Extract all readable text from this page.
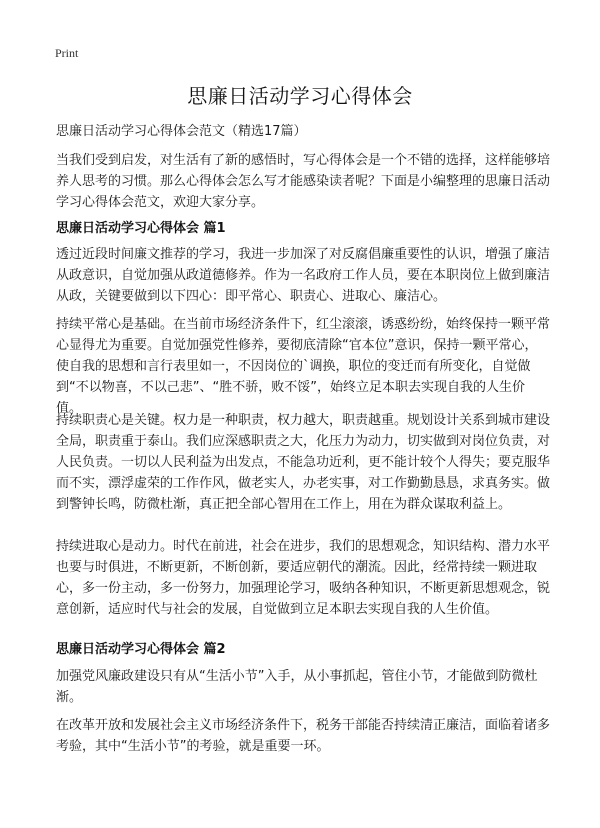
Print
思廉日活动学习心得体会
思廉日活动学习心得体会范文（精选17篇）

当我们受到启发，对生活有了新的感悟时，写心得体会是一个不错的选择，这样能够培养人思考的习惯。那么心得体会怎么写才能感染读者呢？下面是小编整理的思廉日活动学习心得体会范文，欢迎大家分享。

思廉日活动学习心得体会 篇1

透过近段时间廉文推荐的学习，我进一步加深了对反腐倡廉重要性的认识，增强了廉洁从政意识，自觉加强从政道德修养。作为一名政府工作人员，要在本职岗位上做到廉洁从政，关键要做到以下四心：即平常心、职责心、进取心、廉洁心。

持续平常心是基础。在当前市场经济条件下，红尘滚滚，诱惑纷纷，始终保持一颗平常心显得尤为重要。自觉加强党性修养，要彻底清除“官本位”意识，保持一颗平常心，使自我的思想和言行表里如一，不因岗位的`调换，职位的变迁而有所变化，自觉做到“不以物喜，不以己悲”、“胜不骄，败不馁”，始终立足本职去实现自我的人生价值。

持续职责心是关键。权力是一种职责，权力越大，职责越重。规划设计关系到城市建设全局，职责重于泰山。我们应深感职责之大，化压力为动力，切实做到对岗位负责，对人民负责。一切以人民利益为出发点，不能急功近利，更不能计较个人得失；要克服华而不实，漂浮虚荣的工作作风，做老实人，办老实事，对工作勤勤恳恳，求真务实。做到警钟长鸣，防微杜渐，真正把全部心智用在工作上，用在为群众谋取利益上。

持续进取心是动力。时代在前进，社会在进步，我们的思想观念，知识结构、潜力水平也要与时俱进，不断更新，不断创新，要适应朝代的潮流。因此，经常持续一颗进取心，多一份主动，多一份努力，加强理论学习，吸纳各种知识，不断更新思想观念，锐意创新，适应时代与社会的发展，自觉做到立足本职去实现自我的人生价值。

思廉日活动学习心得体会 篇2

加强党风廉政建设只有从“生活小节”入手，从小事抓起，管住小节，才能做到防微杜渐。

在改革开放和发展社会主义市场经济条件下，税务干部能否持续清正廉洁，面临着诸多考验，其中“生活小节”的考验，就是重要一环。
